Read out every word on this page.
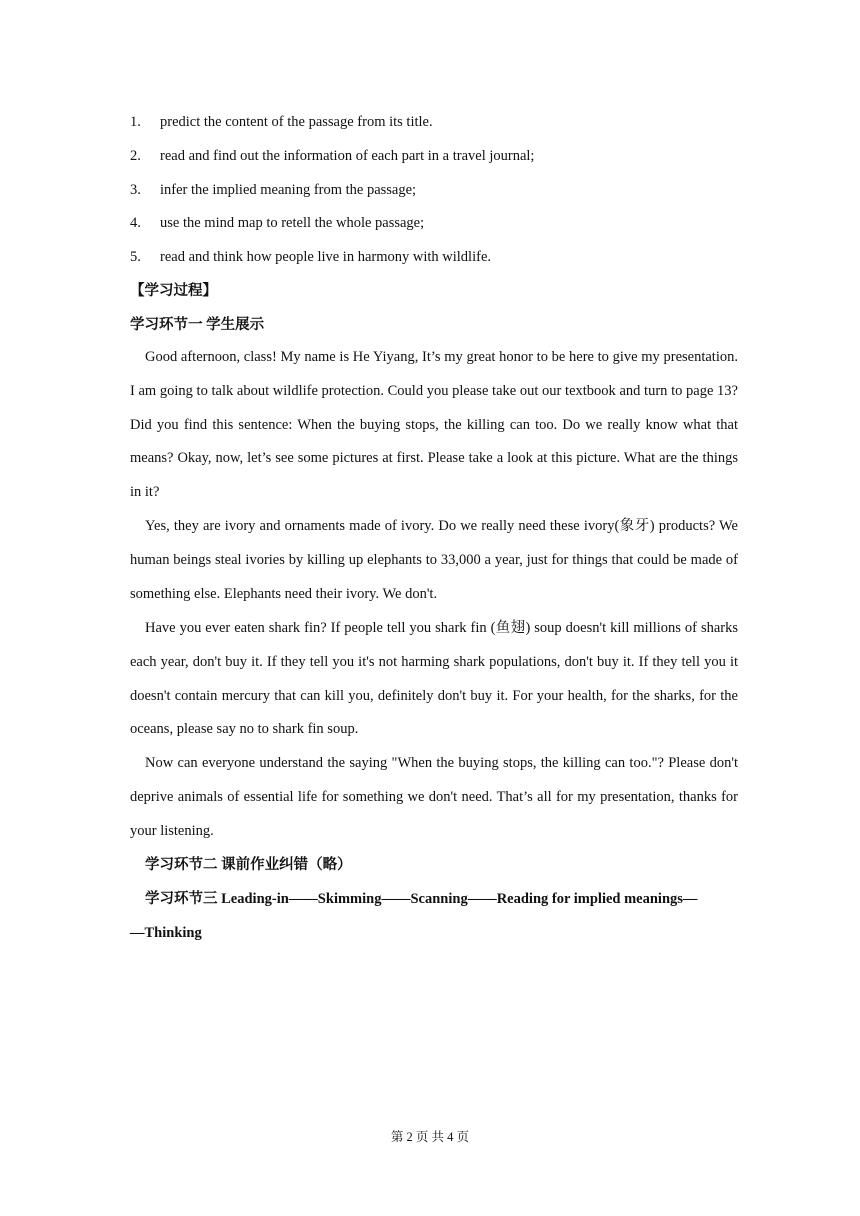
1. predict the content of the passage from its title.
2. read and find out the information of each part in a travel journal;
3. infer the implied meaning from the passage;
4. use the mind map to retell the whole passage;
5. read and think how people live in harmony with wildlife.
【学习过程】
学习环节一 学生展示

Good afternoon, class! My name is He Yiyang, It’s my great honor to be here to give my presentation. I am going to talk about wildlife protection. Could you please take out our textbook and turn to page 13? Did you find this sentence: When the buying stops, the killing can too. Do we really know what that means? Okay, now, let’s see some pictures at first. Please take a look at this picture. What are the things in it?

Yes, they are ivory and ornaments made of ivory. Do we really need these ivory(象牙) products? We human beings steal ivories by killing up elephants to 33,000 a year, just for things that could be made of something else. Elephants need their ivory. We don't.

Have you ever eaten shark fin? If people tell you shark fin (鱼翅) soup doesn't kill millions of sharks each year, don't buy it. If they tell you it's not harming shark populations, don't buy it. If they tell you it doesn't contain mercury that can kill you, definitely don't buy it. For your health, for the sharks, for the oceans, please say no to shark fin soup.

Now can everyone understand the saying "When the buying stops, the killing can too."? Please don't deprive animals of essential life for something we don't need. That’s all for my presentation, thanks for your listening.

学习环节二 课前作业纠错（略）
学习环节三 Leading-in——Skimming——Scanning——Reading for implied meanings—
—Thinking
第 2 页 共 4 页
